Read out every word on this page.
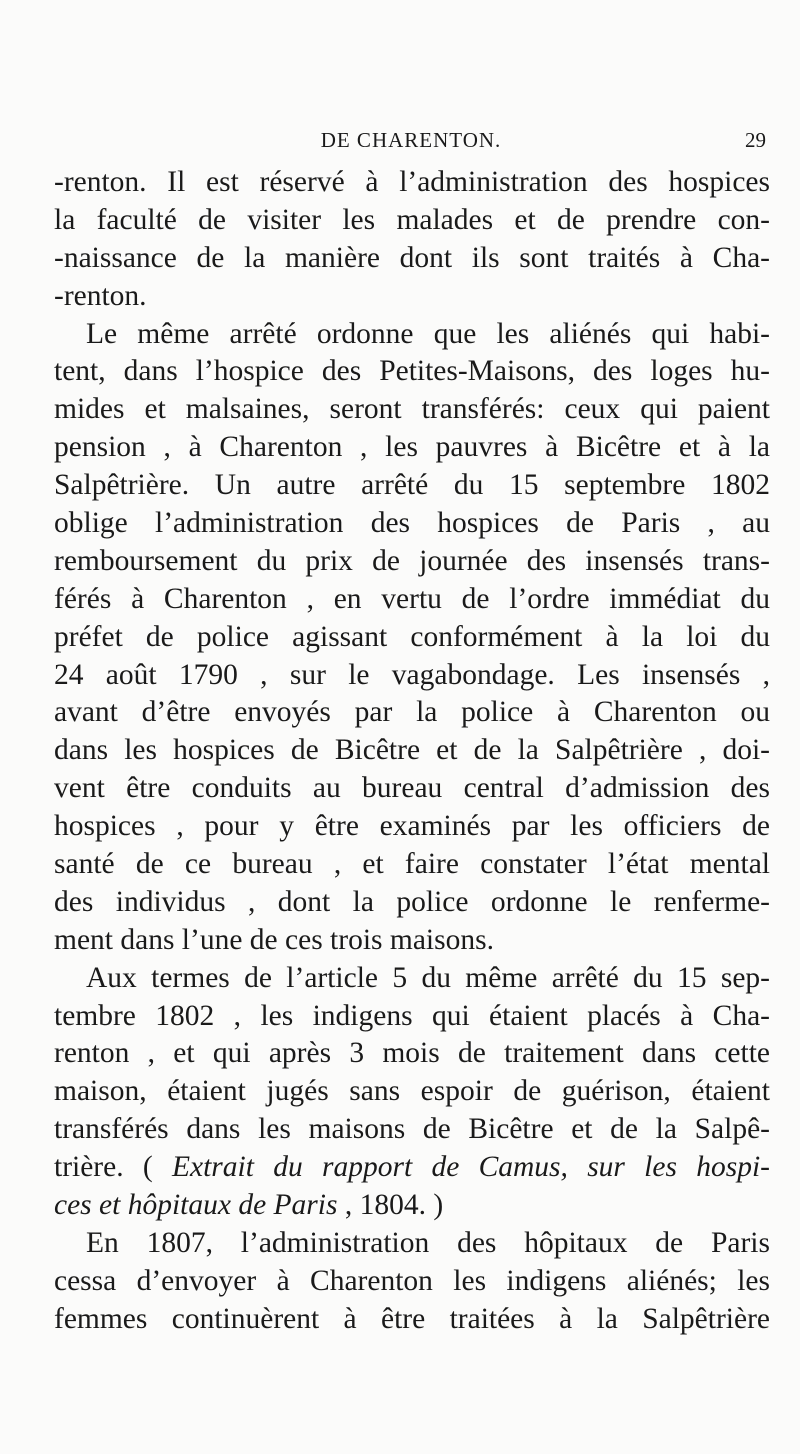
DE CHARENTON.	29
-renton. Il est réservé à l’administration des hospices
la faculté de visiter les malades et de prendre con-
-naissance de la manière dont ils sont traités à Cha-
-renton.
Le même arrêté ordonne que les aliénés qui habi-
tent, dans l’hospice des Petites-Maisons, des loges hu-
mides et malsaines, seront transférés: ceux qui paient
pension , à Charenton , les pauvres à Bicêtre et à la
Salpêtrière. Un autre arrêté du 15 septembre 1802
oblige l’administration des hospices de Paris , au
remboursement du prix de journée des insensés trans-
férés à Charenton , en vertu de l’ordre immédiat du
préfet de police agissant conformément à la loi du
24 août 1790 , sur le vagabondage. Les insensés ,
avant d’être envoyés par la police à Charenton ou
dans les hospices de Bicêtre et de la Salpêtrière , doi-
vent être conduits au bureau central d’admission des
hospices , pour y être examinés par les officiers de
santé de ce bureau , et faire constater l’état mental
des individus , dont la police ordonne le renferme-
ment dans l’une de ces trois maisons.
Aux termes de l’article 5 du même arrêté du 15 sep-
tembre 1802 , les indigens qui étaient placés à Cha-
renton , et qui après 3 mois de traitement dans cette
maison, étaient jugés sans espoir de guérison, étaient
transférés dans les maisons de Bicêtre et de la Salpê-
trière. ( Extrait du rapport de Camus, sur les hospi-
ces et hôpitaux de Paris , 1804. )
En 1807, l’administration des hôpitaux de Paris
cessa d’envoyer à Charenton les indigens aliénés; les
femmes continuèrent à être traitées à la Salpêtrière
